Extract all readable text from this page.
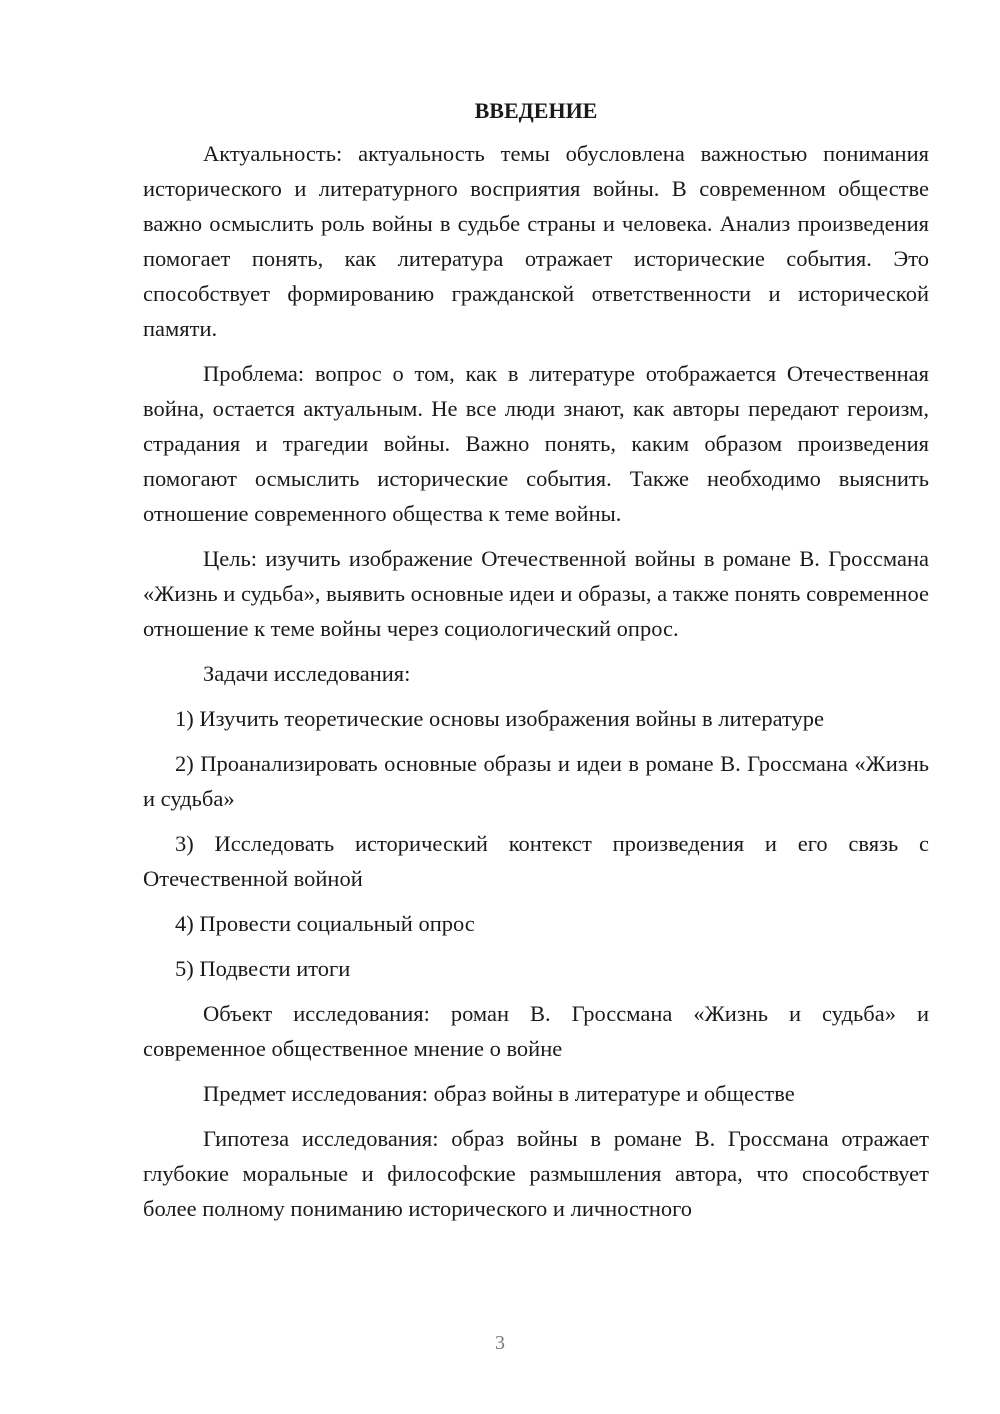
ВВЕДЕНИЕ

Актуальность: актуальность темы обусловлена важностью понимания исторического и литературного восприятия войны. В современном обществе важно осмыслить роль войны в судьбе страны и человека. Анализ произведения помогает понять, как литература отражает исторические события. Это способствует формированию гражданской ответственности и исторической памяти.

Проблема: вопрос о том, как в литературе отображается Отечественная война, остается актуальным. Не все люди знают, как авторы передают героизм, страдания и трагедии войны. Важно понять, каким образом произведения помогают осмыслить исторические события. Также необходимо выяснить отношение современного общества к теме войны.

Цель: изучить изображение Отечественной войны в романе В. Гроссмана «Жизнь и судьба», выявить основные идеи и образы, а также понять современное отношение к теме войны через социологический опрос.

Задачи исследования:

1) Изучить теоретические основы изображения войны в литературе

2) Проанализировать основные образы и идеи в романе В. Гроссмана «Жизнь и судьба»

3) Исследовать исторический контекст произведения и его связь с Отечественной войной

4) Провести социальный опрос

5) Подвести итоги

Объект исследования: роман В. Гроссмана «Жизнь и судьба» и современное общественное мнение о войне

Предмет исследования: образ войны в литературе и обществе

Гипотеза исследования: образ войны в романе В. Гроссмана отражает глубокие моральные и философские размышления автора, что способствует более полному пониманию исторического и личностного

3
